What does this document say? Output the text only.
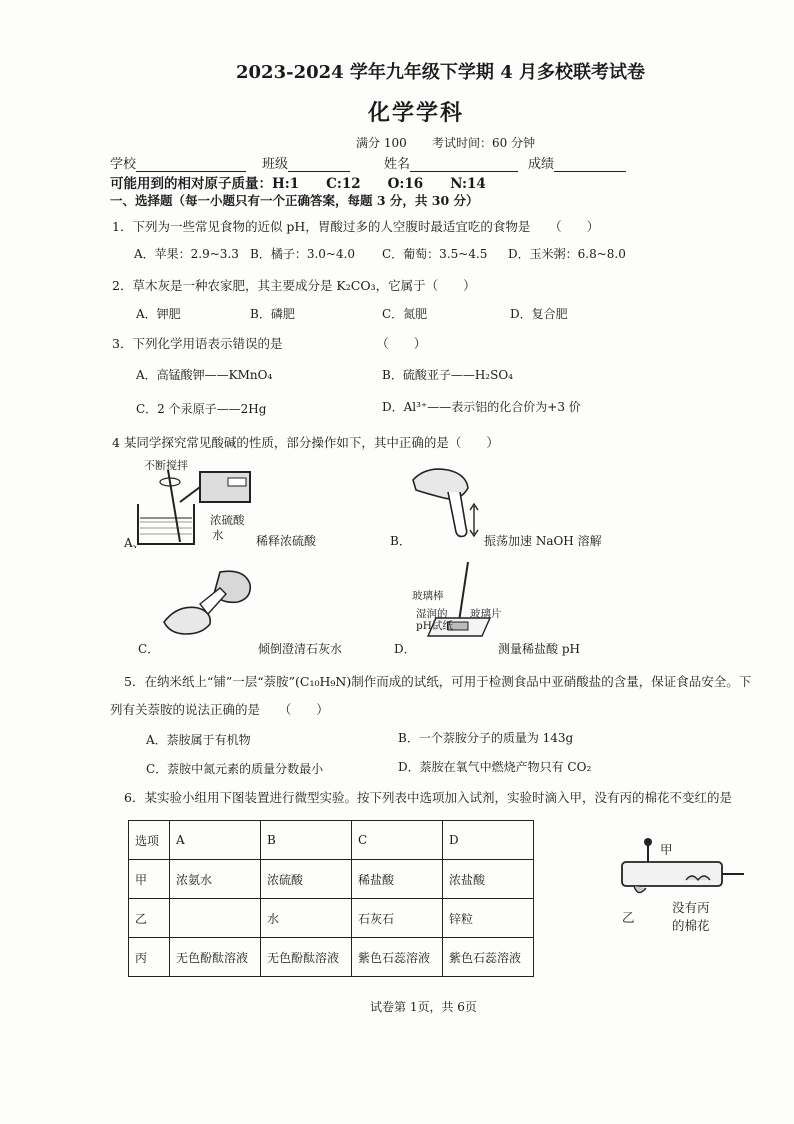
2023-2024 学年九年级下学期 4 月多校联考试卷
化学学科
满分 100 考试时间：60 分钟
学校	班级	姓名	成绩
可能用到的相对原子质量：H:1　　C:12　　O:16　　N:14
一、选择题（每一小题只有一个正确答案，每题 3 分，共 30 分）
1．下列为一些常见食物的近似 pH，胃酸过多的人空腹时最适宜吃的食物是　　（　　）
A．苹果：2.9~3.3 B．橘子：3.0~4.0 C．葡萄：3.5~4.5 D．玉米粥：6.8~8.0
2．草木灰是一种农家肥，其主要成分是 K₂CO₃，它属于（　　）
A．钾肥	B．磷肥	C．氮肥	D．复合肥
3．下列化学用语表示错误的是　　　　　　　　（　　）
A．高锰酸钾——KMnO₄	B．硫酸亚子——H₂SO₄
C．2 个汞原子——2Hg	D．Al³⁺——表示铝的化合价为+3 价
4 某同学探究常见酸碱的性质，部分操作如下，其中正确的是（　　）
不断搅拌
浓硫酸
水
A、	稀释浓硫酸	B．	振荡加速 NaOH 溶解
C．	倾倒澄清石灰水
玻璃棒
湿润的
pH试纸
玻璃片
D．	测量稀盐酸 pH
5．在纳米纸上“铺”一层“萘胺”(C₁₀H₉N)制作而成的试纸，可用于检测食品中亚硝酸盐的含量，保证食品安全。下
列有关萘胺的说法正确的是　　（　　）
A．萘胺属于有机物	B．一个萘胺分子的质量为 143g
C．萘胺中氮元素的质量分数最小	D．萘胺在氧气中燃烧产物只有 CO₂
6．某实验小组用下图装置进行微型实验。按下列表中选项加入试剂，实验时滴入甲，没有丙的棉花不变红的是
选项	A	B	C	D
甲	浓氨水	浓硫酸	稀盐酸	浓盐酸
乙		水	石灰石	锌粒
丙	无色酚酞溶液	无色酚酞溶液	紫色石蕊溶液	紫色石蕊溶液
甲
乙
没有丙
的棉花
试卷第 1页，共 6页
